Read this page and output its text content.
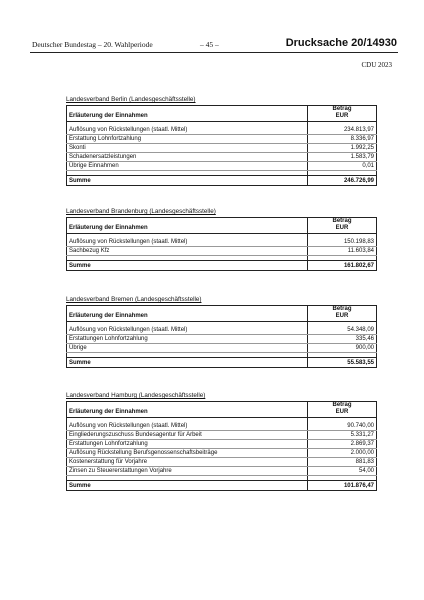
Deutscher Bundestag – 20. Wahlperiode	– 45 –	Drucksache 20/14930
CDU 2023
Landesverband Berlin (Landesgeschäftsstelle)
Erläuterung der Einnahmen	Betrag
EUR

Auflösung von Rückstellungen (staatl. Mittel)	234.813,97
Erstattung Lohnfortzahlung	8.336,97
Skonti	1.992,25
Schadenersatzleistungen	1.583,79
Übrige Einnahmen	0,01

Summe	246.726,99
Landesverband Brandenburg (Landesgeschäftsstelle)
Erläuterung der Einnahmen	Betrag
EUR

Auflösung von Rückstellungen (staatl. Mittel)	150.198,83
Sachbezug Kfz	11.603,84

Summe	161.802,67
Landesverband Bremen (Landesgeschäftsstelle)
Erläuterung der Einnahmen	Betrag
EUR

Auflösung von Rückstellungen (staatl. Mittel)	54.348,09
Erstattungen Lohnfortzahlung	335,46
Übrige	900,00

Summe	55.583,55
Landesverband Hamburg (Landesgeschäftsstelle)
Erläuterung der Einnahmen	Betrag
EUR

Auflösung von Rückstellungen (staatl. Mittel)	90.740,00
Eingliederungszuschuss Bundesagentur für Arbeit	5.331,27
Erstattungen Lohnfortzahlung	2.869,37
Auflösung Rückstellung Berufsgenossenschaftsbeiträge	2.000,00
Kostenerstattung für Vorjahre	881,83
Zinsen zu Steuererstattungen Vorjahre	54,00

Summe	101.876,47
